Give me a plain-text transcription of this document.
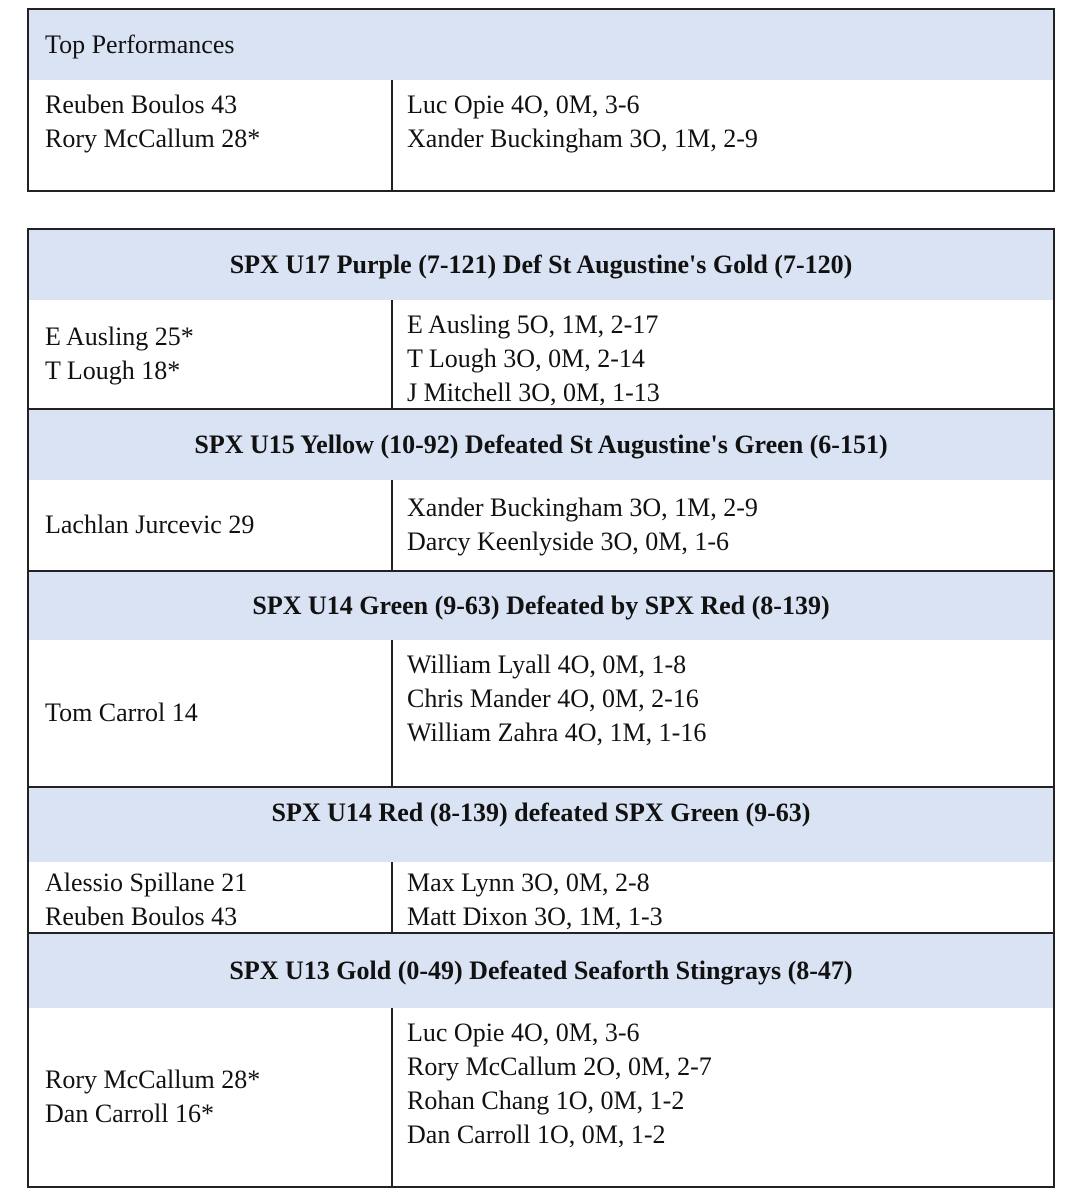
Top Performances
Reuben Boulos 43
Rory McCallum 28*
Luc Opie 4O, 0M, 3-6
Xander Buckingham 3O, 1M, 2-9
SPX U17 Purple (7-121) Def St Augustine's Gold (7-120)
E Ausling 25*
T Lough 18*
E Ausling 5O, 1M, 2-17
T Lough 3O, 0M, 2-14
J Mitchell 3O, 0M, 1-13
SPX U15 Yellow (10-92) Defeated St Augustine's Green (6-151)
Lachlan Jurcevic 29
Xander Buckingham 3O, 1M, 2-9
Darcy Keenlyside 3O, 0M, 1-6
SPX U14 Green (9-63) Defeated by SPX Red (8-139)
Tom Carrol 14
William Lyall 4O, 0M, 1-8
Chris Mander 4O, 0M, 2-16
William Zahra 4O, 1M, 1-16
SPX U14 Red (8-139) defeated SPX Green (9-63)
Alessio Spillane 21
Reuben Boulos 43
Max Lynn 3O, 0M, 2-8
Matt Dixon 3O, 1M, 1-3
SPX U13 Gold (0-49) Defeated Seaforth Stingrays (8-47)
Rory McCallum 28*
Dan Carroll 16*
Luc Opie 4O, 0M, 3-6
Rory McCallum 2O, 0M, 2-7
Rohan Chang 1O, 0M, 1-2
Dan Carroll 1O, 0M, 1-2
